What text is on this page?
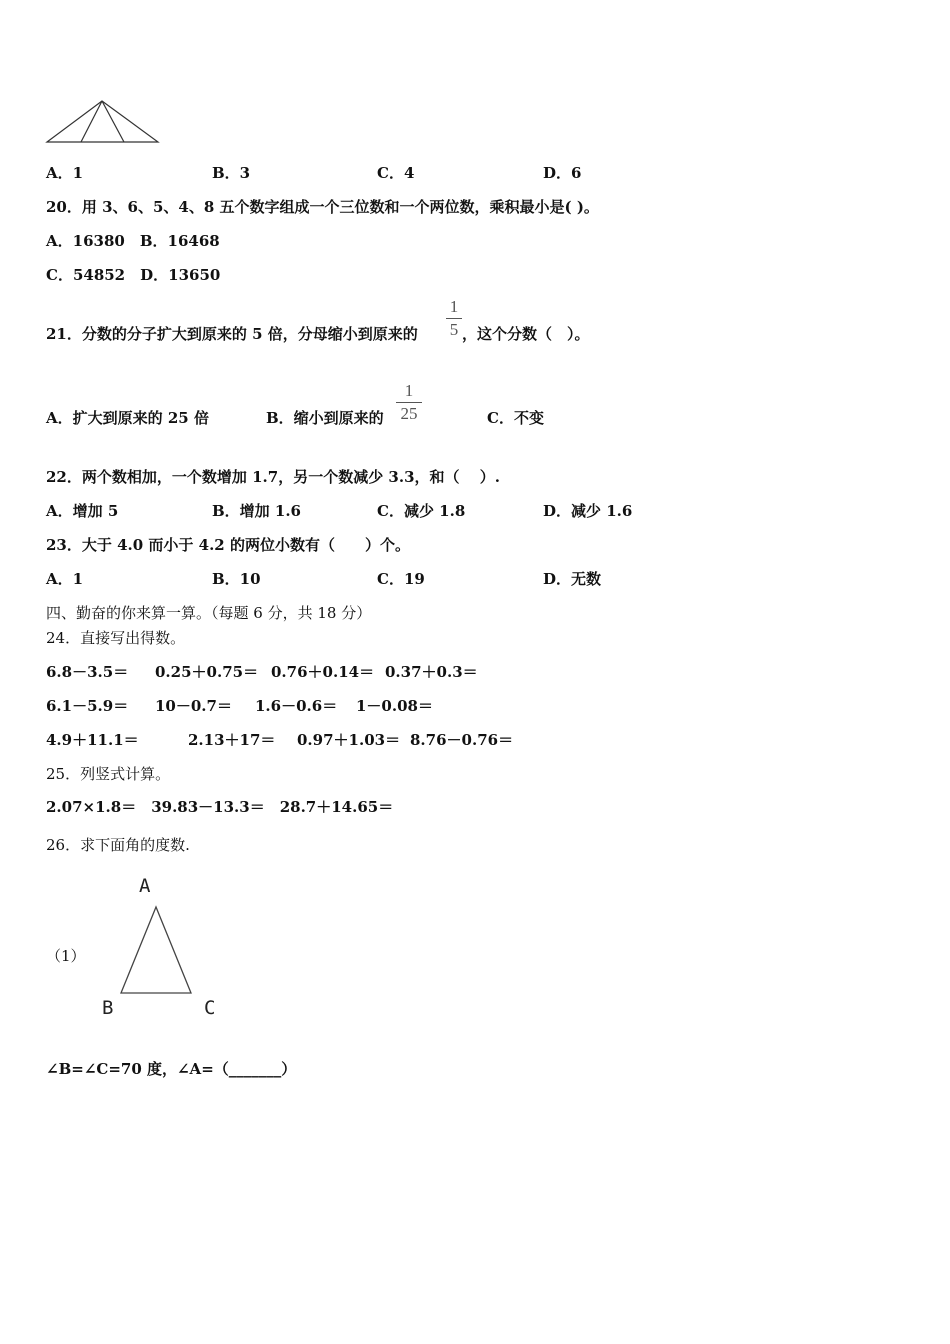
A．1	B．3	C．4	D．6
20．用 3、6、5、4、8 五个数字组成一个三位数和一个两位数，乘积最小是( )。
A．16380　B．16468
C．54852　D．13650
21．分数的分子扩大到原来的 5 倍，分母缩小到原来的
1
5 ，这个分数（　）。
A．扩大到原来的 25 倍	B．缩小到原来的
1
25	C．不变
22．两个数相加，一个数增加 1.7，另一个数减少 3.3，和（　 ）.
A．增加 5	B．增加 1.6	C．减少 1.8	D．减少 1.6
23．大于 4.0 而小于 4.2 的两位小数有（　　）个。
A．1	B．10	C．19	D．无数
四、勤奋的你来算一算。（每题 6 分，共 18 分）
24．直接写出得数。
6.8－3.5＝ 0.25＋0.75＝ 0.76＋0.14＝ 0.37＋0.3＝
6.1－5.9＝ 10－0.7＝ 1.6－0.6＝ 1－0.08＝
4.9＋11.1＝	2.13＋17＝ 0.97＋1.03＝ 8.76－0.76＝
25．列竖式计算。
2.07×1.8＝　39.83－13.3＝　28.7＋14.65＝
26．求下面角的度数.
（1）
A
B	C
∠B=∠C=70 度，∠A=（_______）
